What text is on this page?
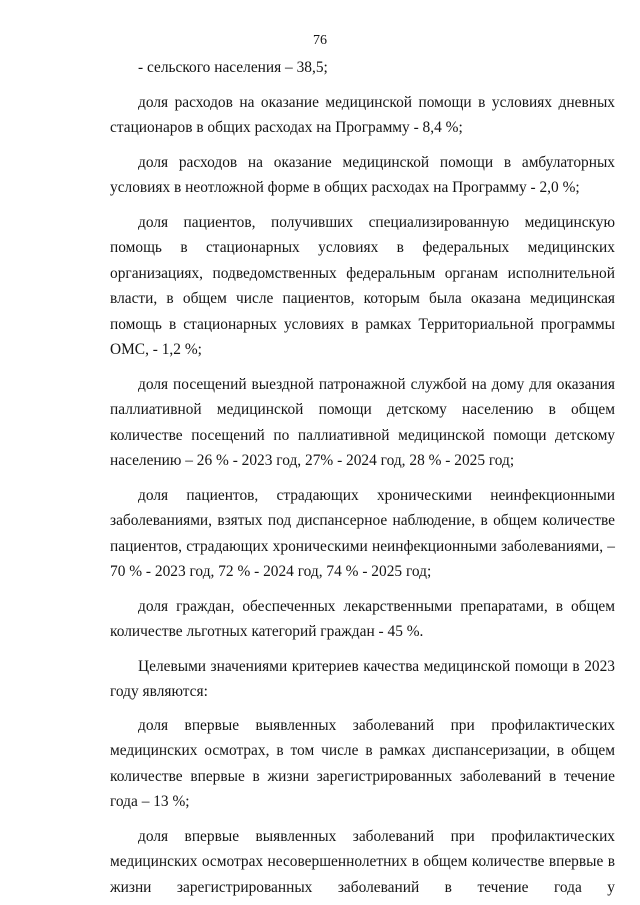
76

- сельского населения – 38,5;

доля расходов на оказание медицинской помощи в условиях дневных стационаров в общих расходах на Программу - 8,4 %;

доля расходов на оказание медицинской помощи в амбулаторных условиях в неотложной форме в общих расходах на Программу - 2,0 %;

доля пациентов, получивших специализированную медицинскую помощь в стационарных условиях в федеральных медицинских организациях, подведомственных федеральным органам исполнительной власти, в общем числе пациентов, которым была оказана медицинская помощь в стационарных условиях в рамках Территориальной программы ОМС, - 1,2 %;

доля посещений выездной патронажной службой на дому для оказания паллиативной медицинской помощи детскому населению в общем количестве посещений по паллиативной медицинской помощи детскому населению – 26 % - 2023 год, 27% - 2024 год, 28 % - 2025 год;

доля пациентов, страдающих хроническими неинфекционными заболеваниями, взятых под диспансерное наблюдение, в общем количестве пациентов, страдающих хроническими неинфекционными заболеваниями, – 70 % - 2023 год, 72 % - 2024 год, 74 % - 2025 год;

доля граждан, обеспеченных лекарственными препаратами, в общем количестве льготных категорий граждан - 45 %.

Целевыми значениями критериев качества медицинской помощи в 2023 году являются:

доля впервые выявленных заболеваний при профилактических медицинских осмотрах, в том числе в рамках диспансеризации, в общем количестве впервые в жизни зарегистрированных заболеваний в течение года – 13 %;

доля впервые выявленных заболеваний при профилактических медицинских осмотрах несовершеннолетних в общем количестве впервые в жизни зарегистрированных заболеваний в течение года у
